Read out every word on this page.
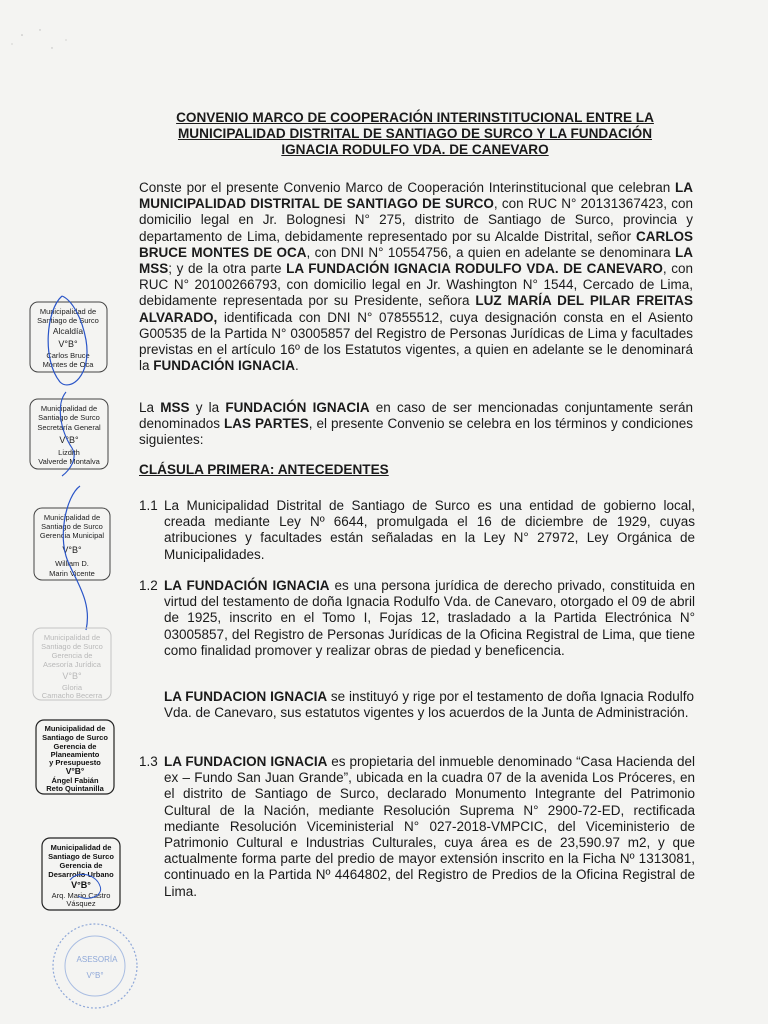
CONVENIO MARCO DE COOPERACIÓN INTERINSTITUCIONAL ENTRE LA
MUNICIPALIDAD DISTRITAL DE SANTIAGO DE SURCO Y LA FUNDACIÓN
IGNACIA RODULFO VDA. DE CANEVARO
Conste por el presente Convenio Marco de Cooperación Interinstitucional que celebran LA MUNICIPALIDAD DISTRITAL DE SANTIAGO DE SURCO, con RUC N° 20131367423, con domicilio legal en Jr. Bolognesi N° 275, distrito de Santiago de Surco, provincia y departamento de Lima, debidamente representado por su Alcalde Distrital, señor CARLOS BRUCE MONTES DE OCA, con DNI N° 10554756, a quien en adelante se denominara LA MSS; y de la otra parte LA FUNDACIÓN IGNACIA RODULFO VDA. DE CANEVARO, con RUC N° 20100266793, con domicilio legal en Jr. Washington N° 1544, Cercado de Lima, debidamente representada por su Presidente, señora LUZ MARÍA DEL PILAR FREITAS ALVARADO, identificada con DNI N° 07855512, cuya designación consta en el Asiento G00535 de la Partida N° 03005857 del Registro de Personas Jurídicas de Lima y facultades previstas en el artículo 16º de los Estatutos vigentes, a quien en adelante se le denominará la FUNDACIÓN IGNACIA.
La MSS y la FUNDACIÓN IGNACIA en caso de ser mencionadas conjuntamente serán denominados LAS PARTES, el presente Convenio se celebra en los términos y condiciones siguientes:
CLÁSULA PRIMERA: ANTECEDENTES
1.1 La Municipalidad Distrital de Santiago de Surco es una entidad de gobierno local, creada mediante Ley Nº 6644, promulgada el 16 de diciembre de 1929, cuyas atribuciones y facultades están señaladas en la Ley N° 27972, Ley Orgánica de Municipalidades.
1.2 LA FUNDACIÓN IGNACIA es una persona jurídica de derecho privado, constituida en virtud del testamento de doña Ignacia Rodulfo Vda. de Canevaro, otorgado el 09 de abril de 1925, inscrito en el Tomo I, Fojas 12, trasladado a la Partida Electrónica N° 03005857, del Registro de Personas Jurídicas de la Oficina Registral de Lima, que tiene como finalidad promover y realizar obras de piedad y beneficencia.
LA FUNDACION IGNACIA se instituyó y rige por el testamento de doña Ignacia Rodulfo Vda. de Canevaro, sus estatutos vigentes y los acuerdos de la Junta de Administración.
1.3 LA FUNDACION IGNACIA es propietaria del inmueble denominado “Casa Hacienda del ex – Fundo San Juan Grande”, ubicada en la cuadra 07 de la avenida Los Próceres, en el distrito de Santiago de Surco, declarado Monumento Integrante del Patrimonio Cultural de la Nación, mediante Resolución Suprema N° 2900-72-ED, rectificada mediante Resolución Viceministerial N° 027-2018-VMPCIC, del Viceministerio de Patrimonio Cultural e Industrias Culturales, cuya área es de 23,590.97 m2, y que actualmente forma parte del predio de mayor extensión inscrito en la Ficha Nº 1313081, continuado en la Partida Nº 4464802, del Registro de Predios de la Oficina Registral de Lima.
Municipalidad de
Santiago de Surco
Alcaldía
V°B°
Carlos Bruce
Montes de Oca
Municipalidad de
Santiago de Surco
Secretaría General
V°B°
Lizdith
Valverde Montalva
Municipalidad de
Santiago de Surco
Gerencia Municipal
V°B°
William D.
Marin Vicente
Municipalidad de
Santiago de Surco
Gerencia de
Asesoría Jurídica
V°B°
Gloria
Camacho Becerra
Municipalidad de
Santiago de Surco
Gerencia de
Planeamiento
y Presupuesto
V°B°
Ángel Fabián
Reto Quintanilla
Municipalidad de
Santiago de Surco
Gerencia de
Desarrollo Urbano
V°B°
Arq. Mario Castro
Vásquez
ASESORÍA
V°B°
